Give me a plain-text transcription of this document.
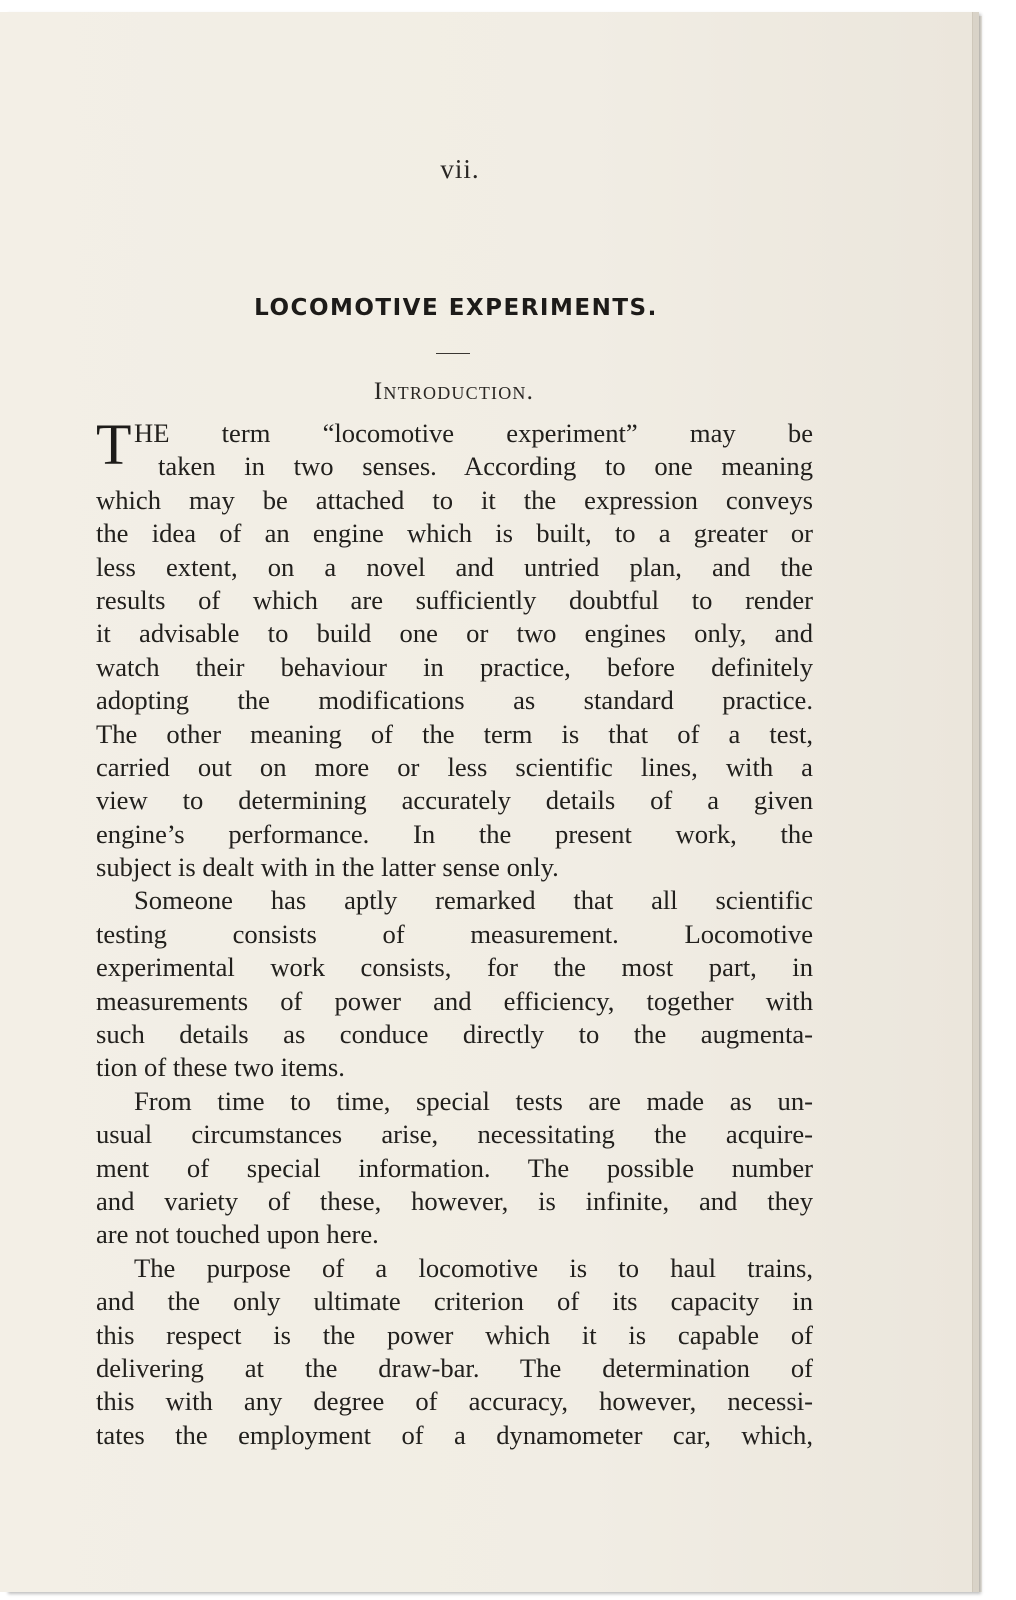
vii.
LOCOMOTIVE EXPERIMENTS.
Introduction.
T HE term “locomotive experiment” may be
taken in two senses. According to one meaning
which may be attached to it the expression conveys
the idea of an engine which is built, to a greater or
less extent, on a novel and untried plan, and the
results of which are sufficiently doubtful to render
it advisable to build one or two engines only, and
watch their behaviour in practice, before definitely
adopting the modifications as standard practice.
The other meaning of the term is that of a test,
carried out on more or less scientific lines, with a
view to determining accurately details of a given
engine’s performance. In the present work, the
subject is dealt with in the latter sense only.
Someone has aptly remarked that all scientific
testing consists of measurement. Locomotive
experimental work consists, for the most part, in
measurements of power and efficiency, together with
such details as conduce directly to the augmenta-
tion of these two items.
From time to time, special tests are made as un-
usual circumstances arise, necessitating the acquire-
ment of special information. The possible number
and variety of these, however, is infinite, and they
are not touched upon here.
The purpose of a locomotive is to haul trains,
and the only ultimate criterion of its capacity in
this respect is the power which it is capable of
delivering at the draw-bar. The determination of
this with any degree of accuracy, however, necessi-
tates the employment of a dynamometer car, which,
